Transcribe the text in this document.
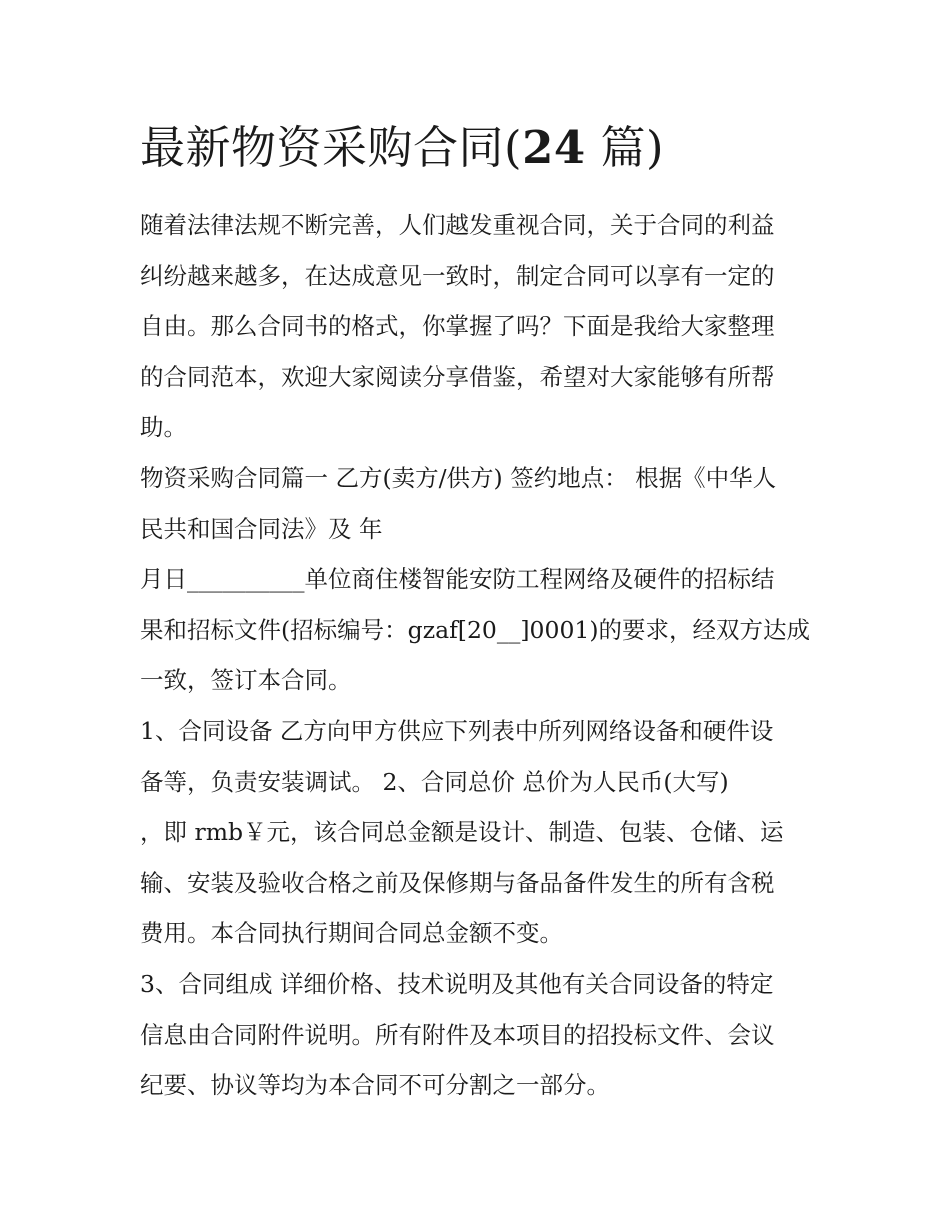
最新物资采购合同(24 篇)

随着法律法规不断完善，人们越发重视合同，关于合同的利益

纠纷越来越多，在达成意见一致时，制定合同可以享有一定的

自由。那么合同书的格式，你掌握了吗？下面是我给大家整理

的合同范本，欢迎大家阅读分享借鉴，希望对大家能够有所帮

助。

物资采购合同篇一 乙方(卖方/供方) 签约地点： 根据《中华人

民共和国合同法》及 年

月日__________单位商住楼智能安防工程网络及硬件的招标结

果和招标文件(招标编号：gzaf[20__]0001)的要求，经双方达成

一致，签订本合同。

1、合同设备 乙方向甲方供应下列表中所列网络设备和硬件设

备等，负责安装调试。 2、合同总价 总价为人民币(大写)

，即 rmb￥元，该合同总金额是设计、制造、包装、仓储、运

输、安装及验收合格之前及保修期与备品备件发生的所有含税

费用。本合同执行期间合同总金额不变。

3、合同组成 详细价格、技术说明及其他有关合同设备的特定

信息由合同附件说明。所有附件及本项目的招投标文件、会议

纪要、协议等均为本合同不可分割之一部分。
